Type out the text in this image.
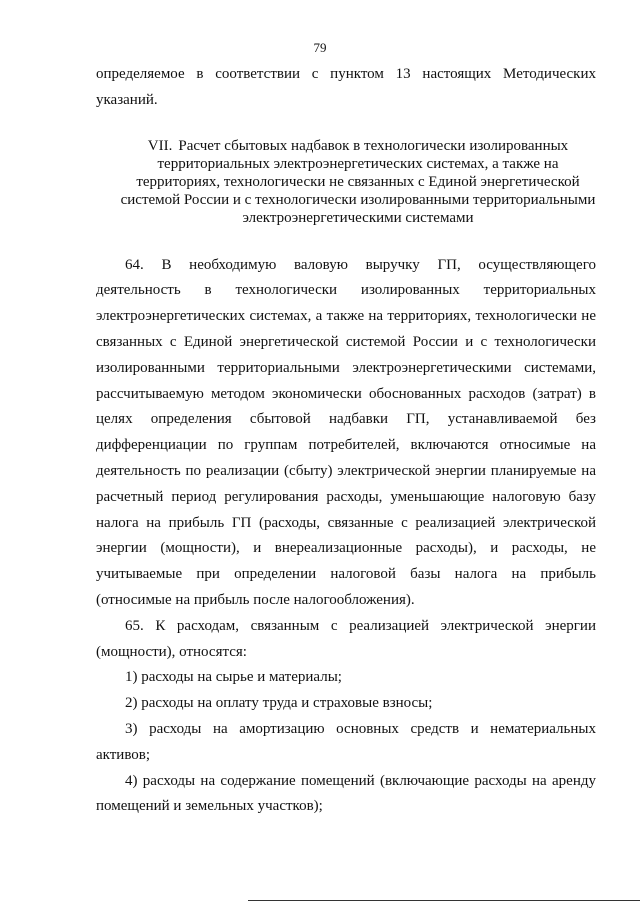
79

определяемое в соответствии с пунктом 13 настоящих Методических указаний.

VII. Расчет сбытовых надбавок в технологически изолированных территориальных электроэнергетических системах, а также на территориях, технологически не связанных с Единой энергетической системой России и с технологически изолированными территориальными электроэнергетическими системами

64. В необходимую валовую выручку ГП, осуществляющего деятельность в технологически изолированных территориальных электроэнергетических системах, а также на территориях, технологически не связанных с Единой энергетической системой России и с технологически изолированными территориальными электроэнергетическими системами, рассчитываемую методом экономически обоснованных расходов (затрат) в целях определения сбытовой надбавки ГП, устанавливаемой без дифференциации по группам потребителей, включаются относимые на деятельность по реализации (сбыту) электрической энергии планируемые на расчетный период регулирования расходы, уменьшающие налоговую базу налога на прибыль ГП (расходы, связанные с реализацией электрической энергии (мощности), и внереализационные расходы), и расходы, не учитываемые при определении налоговой базы налога на прибыль (относимые на прибыль после налогообложения).

65. К расходам, связанным с реализацией электрической энергии (мощности), относятся:

1) расходы на сырье и материалы;

2) расходы на оплату труда и страховые взносы;

3) расходы на амортизацию основных средств и нематериальных активов;

4) расходы на содержание помещений (включающие расходы на аренду помещений и земельных участков);
